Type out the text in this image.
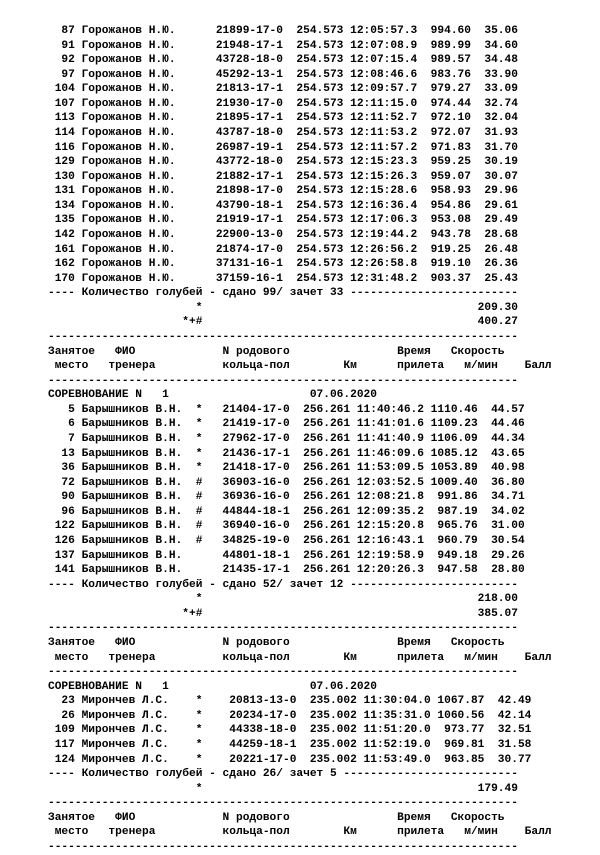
87 Горожанов Н.Ю.      21899-17-0  254.573 12:05:57.3  994.60  35.06

91 Горожанов Н.Ю.      21948-17-1  254.573 12:07:08.9  989.99  34.60

92 Горожанов Н.Ю.      43728-18-0  254.573 12:07:15.4  989.57  34.48

97 Горожанов Н.Ю.      45292-13-1  254.573 12:08:46.6  983.76  33.90

104 Горожанов Н.Ю.      21813-17-1  254.573 12:09:57.7  979.27  33.09

107 Горожанов Н.Ю.      21930-17-0  254.573 12:11:15.0  974.44  32.74

113 Горожанов Н.Ю.      21895-17-1  254.573 12:11:52.7  972.10  32.04

114 Горожанов Н.Ю.      43787-18-0  254.573 12:11:53.2  972.07  31.93

116 Горожанов Н.Ю.      26987-19-1  254.573 12:11:57.2  971.83  31.70

129 Горожанов Н.Ю.      43772-18-0  254.573 12:15:23.3  959.25  30.19

130 Горожанов Н.Ю.      21882-17-1  254.573 12:15:26.3  959.07  30.07

131 Горожанов Н.Ю.      21898-17-0  254.573 12:15:28.6  958.93  29.96

134 Горожанов Н.Ю.      43790-18-1  254.573 12:16:36.4  954.86  29.61

135 Горожанов Н.Ю.      21919-17-1  254.573 12:17:06.3  953.08  29.49

142 Горожанов Н.Ю.      22900-13-0  254.573 12:19:44.2  943.78  28.68

161 Горожанов Н.Ю.      21874-17-0  254.573 12:26:56.2  919.25  26.48

162 Горожанов Н.Ю.      37131-16-1  254.573 12:26:58.8  919.10  26.36

170 Горожанов Н.Ю.      37159-16-1  254.573 12:31:48.2  903.37  25.43

---- Количество голубей - сдано 99/ зачет 33 -------------------------

*                                         209.30

*+#                                         400.27

----------------------------------------------------------------------

Занятое   ФИО             N родового                Время   Скорость

место   тренера          кольца-пол        Км      прилета   м/мин    Балл

----------------------------------------------------------------------

СОРЕВНОВАНИЕ N   1                     07.06.2020

5 Барышников В.Н.  *   21404-17-0  256.261 11:40:46.2 1110.46  44.57

6 Барышников В.Н.  *   21419-17-0  256.261 11:41:01.6 1109.23  44.46

7 Барышников В.Н.  *   27962-17-0  256.261 11:41:40.9 1106.09  44.34

13 Барышников В.Н.  *   21436-17-1  256.261 11:46:09.6 1085.12  43.65

36 Барышников В.Н.  *   21418-17-0  256.261 11:53:09.5 1053.89  40.98

72 Барышников В.Н.  #   36903-16-0  256.261 12:03:52.5 1009.40  36.80

90 Барышников В.Н.  #   36936-16-0  256.261 12:08:21.8  991.86  34.71

96 Барышников В.Н.  #   44844-18-1  256.261 12:09:35.2  987.19  34.02

122 Барышников В.Н.  #   36940-16-0  256.261 12:15:20.8  965.76  31.00

126 Барышников В.Н.  #   34825-19-0  256.261 12:16:43.1  960.79  30.54

137 Барышников В.Н.      44801-18-1  256.261 12:19:58.9  949.18  29.26

141 Барышников В.Н.      21435-17-1  256.261 12:20:26.3  947.58  28.80

---- Количество голубей - сдано 52/ зачет 12 -------------------------

*                                         218.00

*+#                                         385.07

----------------------------------------------------------------------

Занятое   ФИО             N родового                Время   Скорость

место   тренера          кольца-пол        Км      прилета   м/мин    Балл

----------------------------------------------------------------------

СОРЕВНОВАНИЕ N   1                     07.06.2020

23 Мирончев Л.С.    *    20813-13-0  235.002 11:30:04.0 1067.87  42.49

26 Мирончев Л.С.    *    20234-17-0  235.002 11:35:31.0 1060.56  42.14

109 Мирончев Л.С.    *    44338-18-0  235.002 11:51:20.0  973.77  32.51

117 Мирончев Л.С.    *    44259-18-1  235.002 11:52:19.0  969.81  31.58

124 Мирончев Л.С.    *    20221-17-0  235.002 11:53:49.0  963.85  30.77

---- Количество голубей - сдано 26/ зачет 5 --------------------------

*                                         179.49

----------------------------------------------------------------------

Занятое   ФИО             N родового                Время   Скорость

место   тренера          кольца-пол        Км      прилета   м/мин    Балл

----------------------------------------------------------------------
